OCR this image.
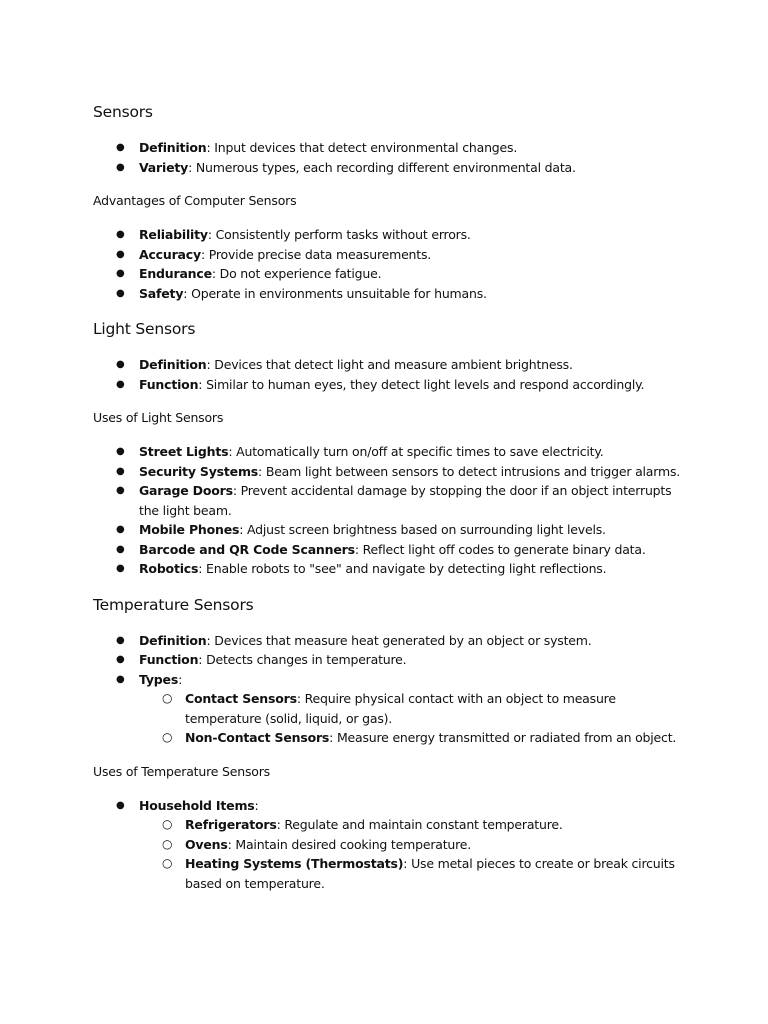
Sensors
● Definition: Input devices that detect environmental changes.
● Variety: Numerous types, each recording different environmental data.
Advantages of Computer Sensors
● Reliability: Consistently perform tasks without errors.
● Accuracy: Provide precise data measurements.
● Endurance: Do not experience fatigue.
● Safety: Operate in environments unsuitable for humans.
Light Sensors
● Definition: Devices that detect light and measure ambient brightness.
● Function: Similar to human eyes, they detect light levels and respond accordingly.
Uses of Light Sensors
● Street Lights: Automatically turn on/off at specific times to save electricity.
● Security Systems: Beam light between sensors to detect intrusions and trigger alarms.
● Garage Doors: Prevent accidental damage by stopping the door if an object interrupts the light beam.
● Mobile Phones: Adjust screen brightness based on surrounding light levels.
● Barcode and QR Code Scanners: Reflect light off codes to generate binary data.
● Robotics: Enable robots to "see" and navigate by detecting light reflections.
Temperature Sensors
● Definition: Devices that measure heat generated by an object or system.
● Function: Detects changes in temperature.
● Types:
○ Contact Sensors: Require physical contact with an object to measure temperature (solid, liquid, or gas).
○ Non-Contact Sensors: Measure energy transmitted or radiated from an object.
Uses of Temperature Sensors
● Household Items:
○ Refrigerators: Regulate and maintain constant temperature.
○ Ovens: Maintain desired cooking temperature.
○ Heating Systems (Thermostats): Use metal pieces to create or break circuits based on temperature.
